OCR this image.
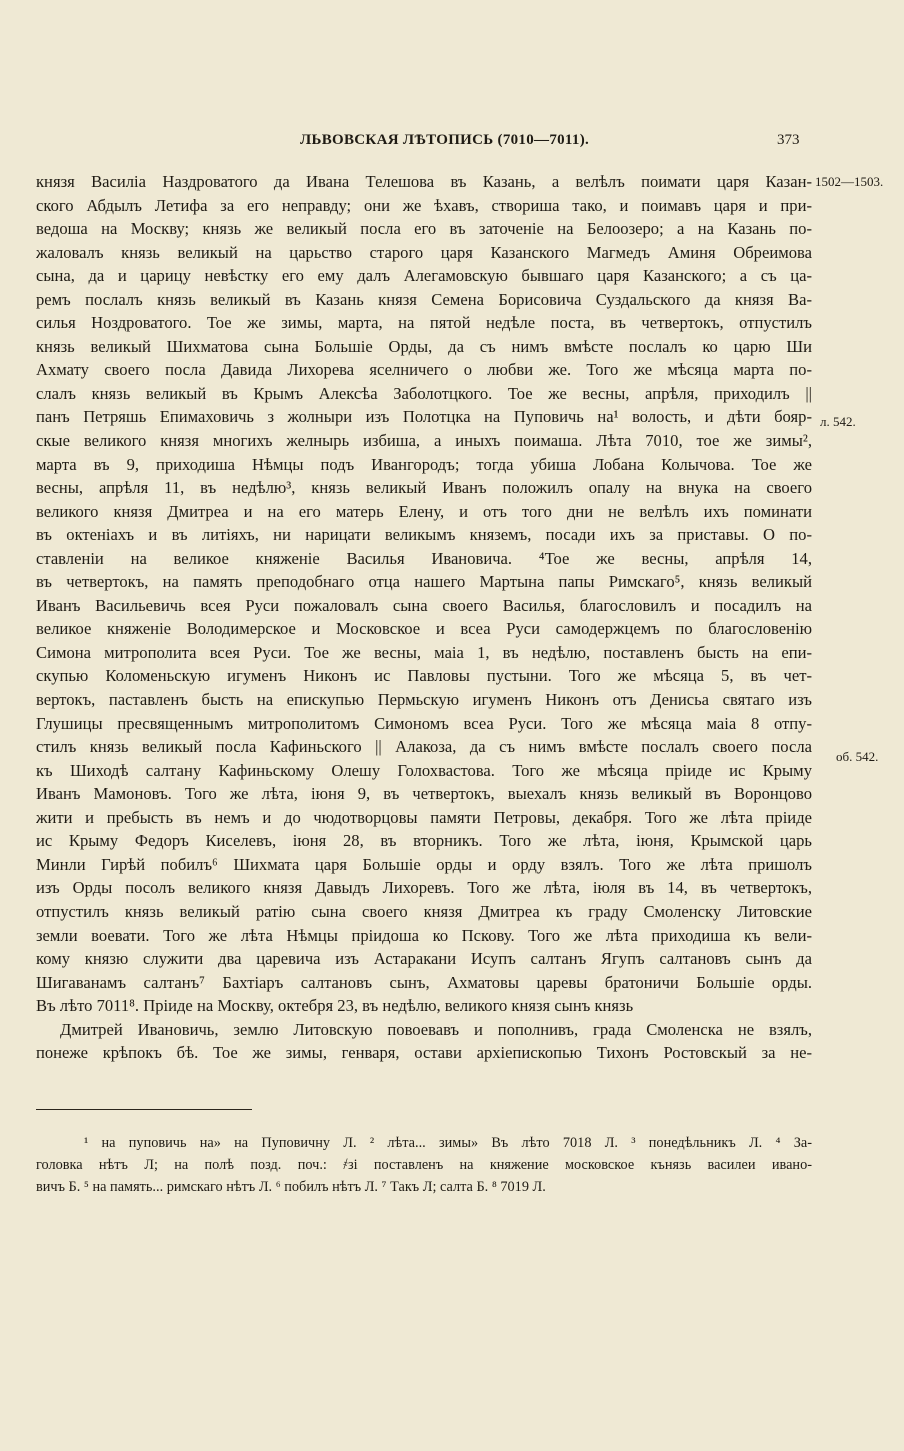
ЛЬВОВСКАЯ ЛѢТОПИСЬ (7010—7011).	373
князя Василіа Наздроватого да Ивана Телешова въ Казань, а велѣлъ поимати царя Казан-
ского Абдылъ Летифа за его неправду; они же ѣхавъ, створиша тако, и поимавъ царя и при-
ведоша на Москву; князь же великый посла его въ заточеніе на Белоозеро; а на Казань по-
жаловалъ князь великый на царьство старого царя Казанского Магмедъ Аминя Обреимова
сына, да и царицу невѣстку его ему далъ Алегамовскую бывшаго царя Казанского; а съ ца-
ремъ послалъ князь великый въ Казань князя Семена Борисовича Суздальского да князя Ва-
силья Ноздроватого. Тое же зимы, марта, на пятой недѣле поста, въ четвертокъ, отпустилъ
князь великый Шихматова сына Большіе Орды, да съ нимъ вмѣсте послалъ ко царю Ши
Ахмату своего посла Давида Лихорева яселничего о любви же. Того же мѣсяца марта по-
слалъ князь великый въ Крымъ Алексѣа Заболотцкого. Тое же весны, апрѣля, приходилъ ||
панъ Петряшь Епимаховичь з жолныри изъ Полотцка на Пуповичь на¹ волость, и дѣти бояр-
скые великого князя многихъ желнырь избиша, а иныхъ поимаша. Лѣта 7010, тое же зимы²,
марта въ 9, приходиша Нѣмцы подъ Ивангородъ; тогда убиша Лобана Колычова. Тое же
весны, апрѣля 11, въ недѣлю³, князь великый Иванъ положилъ опалу на внука на своего
великого князя Дмитреа и на его матерь Елену, и отъ того дни не велѣлъ ихъ поминати
въ октеніахъ и въ литіяхъ, ни нарицати великымъ княземъ, посади ихъ за приставы. О по-
ставленіи на великое княженіе Василья Ивановича. ⁴Тое же весны, апрѣля 14,
въ четвертокъ, на память преподобнагo отца нашего Мартына папы Римскаго⁵, князь великый
Иванъ Васильевичь всея Руси пожаловалъ сына своего Василья, благословилъ и посадилъ на
великое княженіе Володимерское и Московское и всеа Руси самодержцемъ по благословенію
Симона митрополита всея Руси. Тое же весны, маіа 1, въ недѣлю, поставленъ бысть на епи-
скупью Коломеньскую игуменъ Никонъ ис Павловы пустыни. Того же мѣсяца 5, въ чет-
вертокъ, паставленъ бысть на епискупью Пермьскую игуменъ Никонъ отъ Денисьа святаго изъ
Глушицы пресвященнымъ митрополитомъ Симономъ всеа Руси. Того же мѣсяца маіа 8 отпу-
стилъ князь великый посла Кафиньского || Алакоза, да съ нимъ вмѣсте послалъ своего посла
къ Шиходѣ салтану Кафиньскому Олешу Голохвастова. Того же мѣсяца пріиде ис Крыму
Иванъ Мамоновъ. Того же лѣта, іюня 9, въ четвертокъ, выехалъ князь великый въ Воронцово
жити и пребысть въ немъ и до чюдотворцовы памяти Петровы, декабря. Того же лѣта пріиде
ис Крыму Федоръ Киселевъ, іюня 28, въ вторникъ. Того же лѣта, іюня, Крымской царь
Минли Гирѣй побилъ⁶ Шихмата царя Большіе орды и орду взялъ. Того же лѣта пришолъ
изъ Орды посолъ великого князя Давыдъ Лихоревъ. Того же лѣта, іюля въ 14, въ четвертокъ,
отпустилъ князь великый ратію сына своего князя Дмитреа къ граду Смоленску Литовские
земли воевати. Того же лѣта Нѣмцы пріидоша ко Пскову. Того же лѣта приходиша къ вели-
кому князю служити два царевича изъ Астаракани Исупъ салтанъ Ягупъ салтановъ сынъ да
Шигаванамъ салтанъ⁷ Бахтіаръ салтановъ сынъ, Ахматовы царевы братоничи Большіе орды.
Въ лѣто 7011⁸. Пріиде на Москву, октебря 23, въ недѣлю, великого князя сынъ князь
Дмитрей Ивановичь, землю Литовскую повоевавъ и пополнивъ, града Смоленска не взялъ,
понеже крѣпокъ бѣ. Тое же зимы, генваря, остави архіепископью Тихонъ Ростовскый за не-
1502—1503.
л. 542.
об. 542.
¹ на пуповичь на» на Пуповичну Л. ² лѣта... зимы» Въ лѣто 7018 Л. ³ понедѣльникъ Л. ⁴ За-
головка нѣтъ Л; на полѣ позд. поч.: ҂зі поставленъ на княжение московское кънязь василеи ивано-
вичъ Б. ⁵ на память... римскаго нѣтъ Л. ⁶ побилъ нѣтъ Л. ⁷ Такъ Л; салта Б. ⁸ 7019 Л.
